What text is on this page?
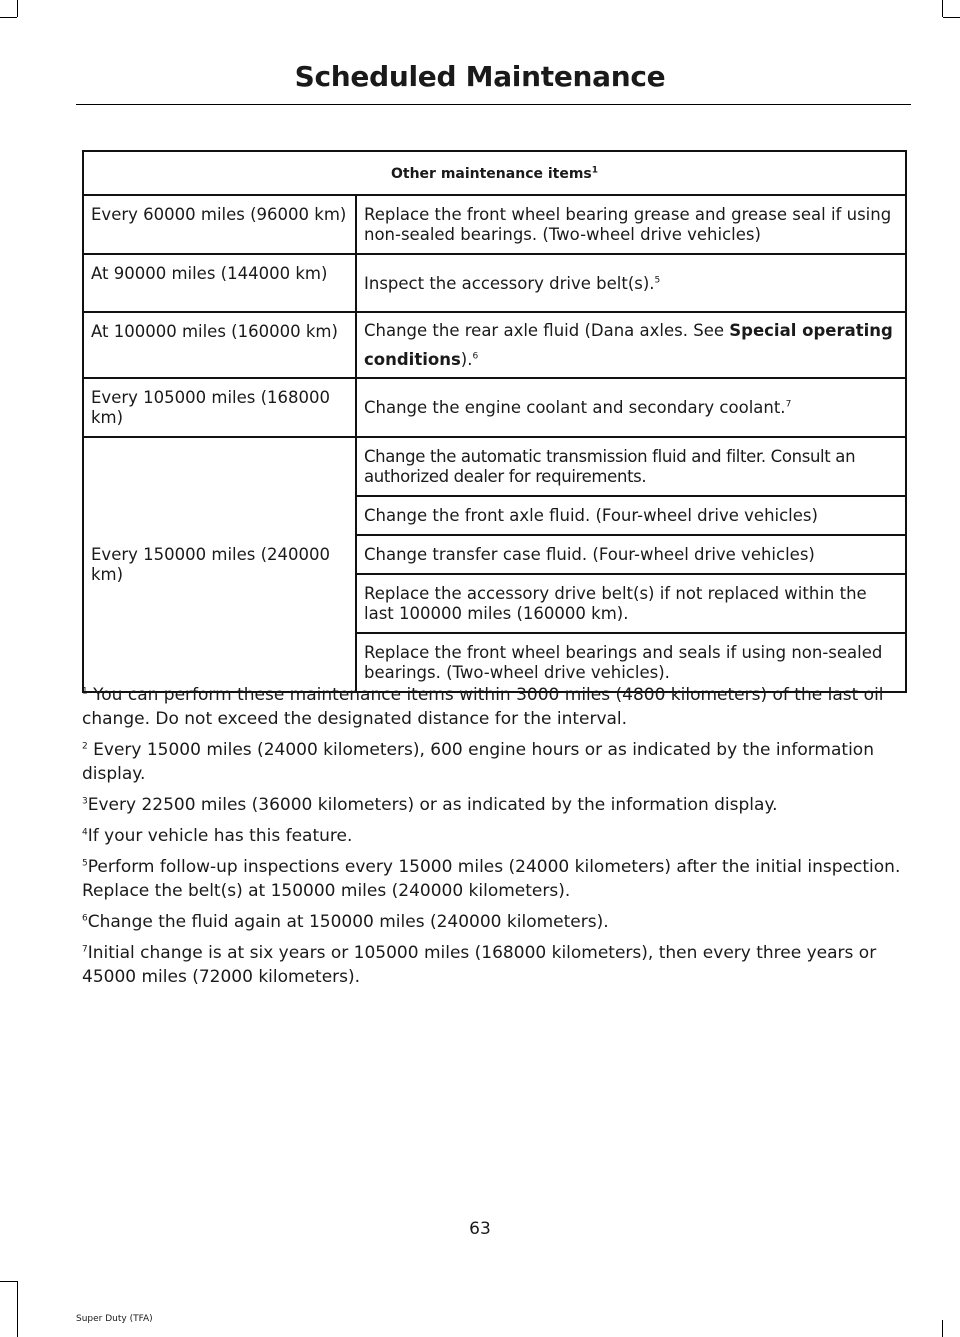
Scheduled Maintenance
Other maintenance items$^1$
Every 60000 miles (96000 km)	Replace the front wheel bearing grease and grease seal if using non-sealed bearings. (Two-wheel drive vehicles)
At 90000 miles (144000 km)	Inspect the accessory drive belt(s).$^5$
At 100000 miles (160000 km)	Change the rear axle fluid (Dana axles. See Special operating conditions).$^6$
Every 105000 miles (168000 km)	Change the engine coolant and secondary coolant.$^7$
Every 150000 miles (240000 km)	Change the automatic transmission fluid and filter. Consult an authorized dealer for requirements.
	Change the front axle fluid. (Four-wheel drive vehicles)
	Change transfer case fluid. (Four-wheel drive vehicles)
	Replace the accessory drive belt(s) if not replaced within the last 100000 miles (160000 km).
	Replace the front wheel bearings and seals if using non-sealed bearings. (Two-wheel drive vehicles).

$^1$ You can perform these maintenance items within 3000 miles (4800 kilometers) of the last oil change. Do not exceed the designated distance for the interval.

$^2$ Every 15000 miles (24000 kilometers), 600 engine hours or as indicated by the information display.

$^3$Every 22500 miles (36000 kilometers) or as indicated by the information display.

$^4$If your vehicle has this feature.

$^5$Perform follow-up inspections every 15000 miles (24000 kilometers) after the initial inspection. Replace the belt(s) at 150000 miles (240000 kilometers).

$^6$Change the fluid again at 150000 miles (240000 kilometers).

$^7$Initial change is at six years or 105000 miles (168000 kilometers), then every three years or 45000 miles (72000 kilometers).

63
Super Duty (TFA)
